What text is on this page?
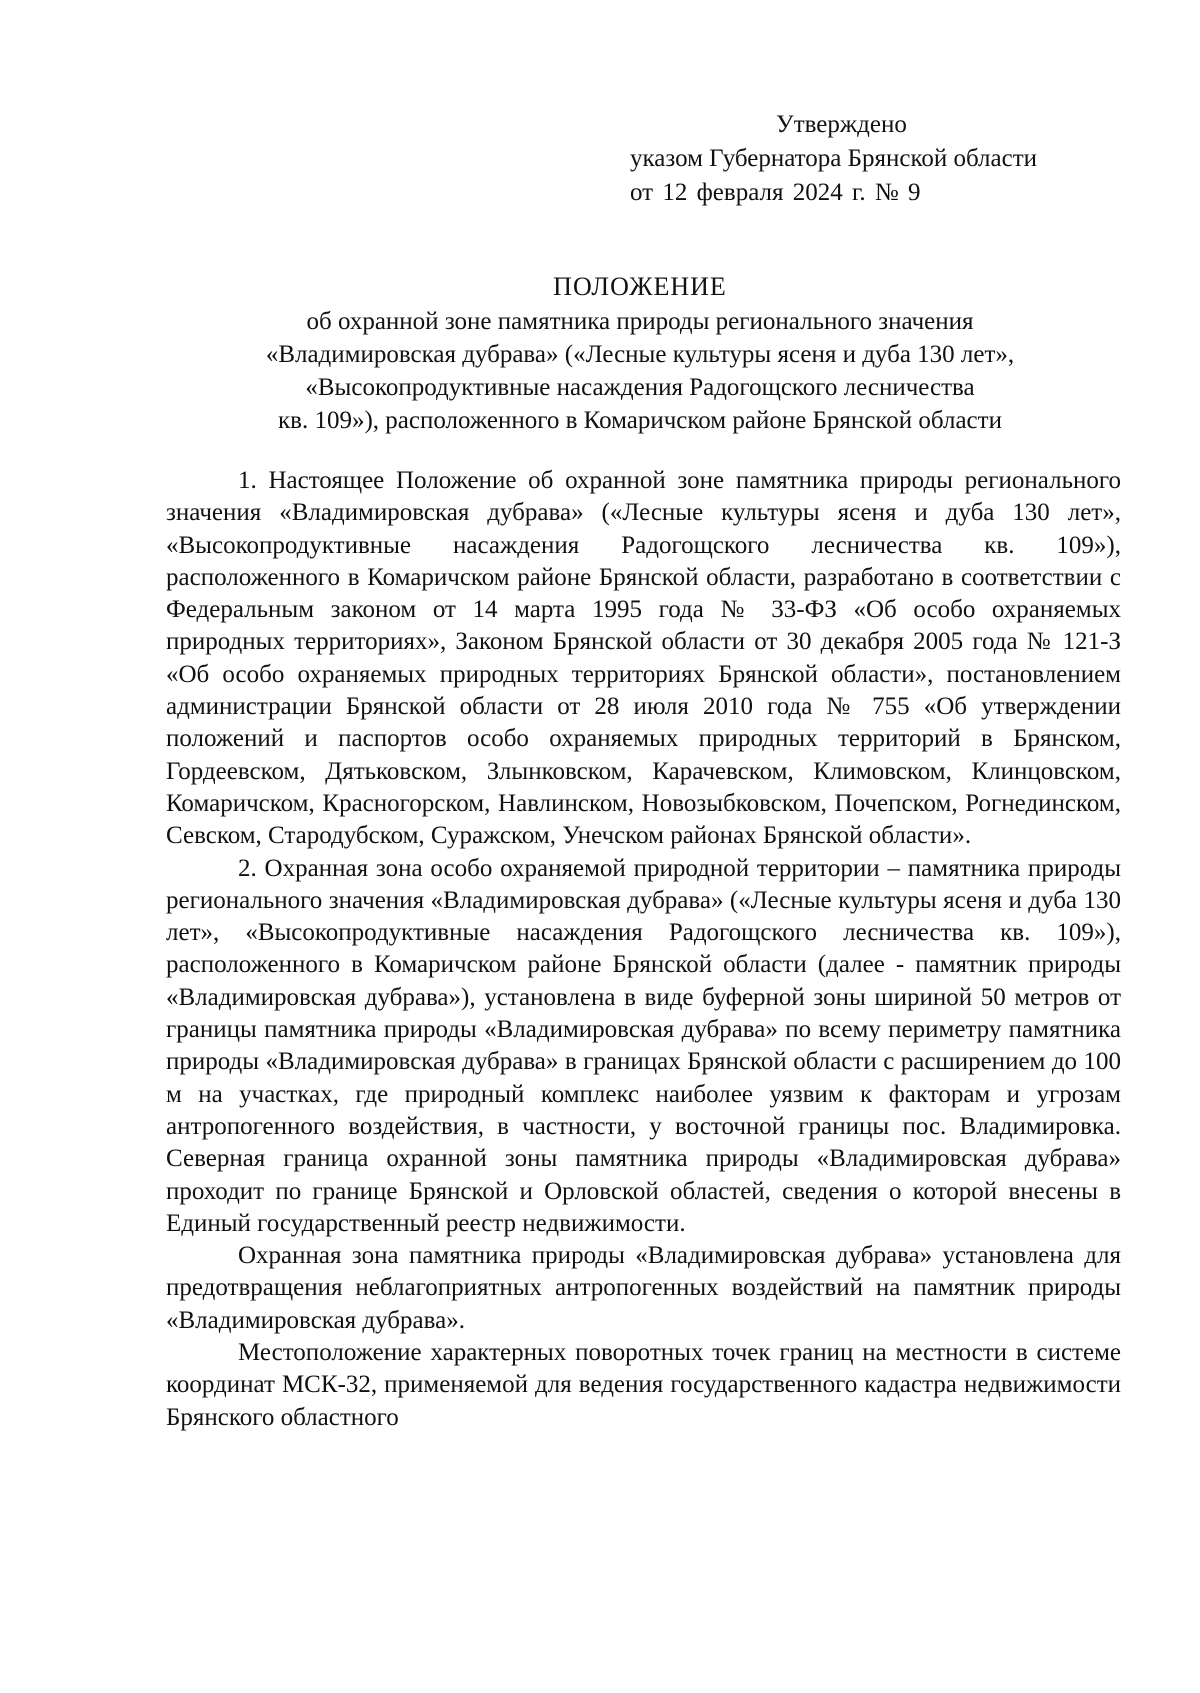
Утверждено
указом Губернатора Брянской области
от 12 февраля 2024 г. № 9
ПОЛОЖЕНИЕ
об охранной зоне памятника природы регионального значения
«Владимировская дубрава» («Лесные культуры ясеня и дуба 130 лет»,
«Высокопродуктивные насаждения Радогощского лесничества
кв. 109»), расположенного в Комаричском районе Брянской области

1. Настоящее Положение об охранной зоне памятника природы регионального значения «Владимировская дубрава» («Лесные культуры ясеня и дуба 130 лет», «Высокопродуктивные насаждения Радогощского лесничества кв. 109»), расположенного в Комаричском районе Брянской области, разработано в соответствии с Федеральным законом от 14 марта 1995 года № 33-ФЗ «Об особо охраняемых природных территориях», Законом Брянской области от 30 декабря 2005 года № 121-З «Об особо охраняемых природных территориях Брянской области», постановлением администрации Брянской области от 28 июля 2010 года № 755 «Об утверждении положений и паспортов особо охраняемых природных территорий в Брянском, Гордеевском, Дятьковском, Злынковском, Карачевском, Климовском, Клинцовском, Комаричском, Красногорском, Навлинском, Новозыбковском, Почепском, Рогнединском, Севском, Стародубском, Суражском, Унечском районах Брянской области».

2. Охранная зона особо охраняемой природной территории – памятника природы регионального значения «Владимировская дубрава» («Лесные культуры ясеня и дуба 130 лет», «Высокопродуктивные насаждения Радогощского лесничества кв. 109»), расположенного в Комаричском районе Брянской области (далее - памятник природы «Владимировская дубрава»), установлена в виде буферной зоны шириной 50 метров от границы памятника природы «Владимировская дубрава» по всему периметру памятника природы «Владимировская дубрава» в границах Брянской области с расширением до 100 м на участках, где природный комплекс наиболее уязвим к факторам и угрозам антропогенного воздействия, в частности, у восточной границы пос. Владимировка. Северная граница охранной зоны памятника природы «Владимировская дубрава» проходит по границе Брянской и Орловской областей, сведения о которой внесены в Единый государственный реестр недвижимости.

Охранная зона памятника природы «Владимировская дубрава» установлена для предотвращения неблагоприятных антропогенных воздействий на памятник природы «Владимировская дубрава».

Местоположение характерных поворотных точек границ на местности в системе координат МСК-32, применяемой для ведения государственного кадастра недвижимости Брянского областного
